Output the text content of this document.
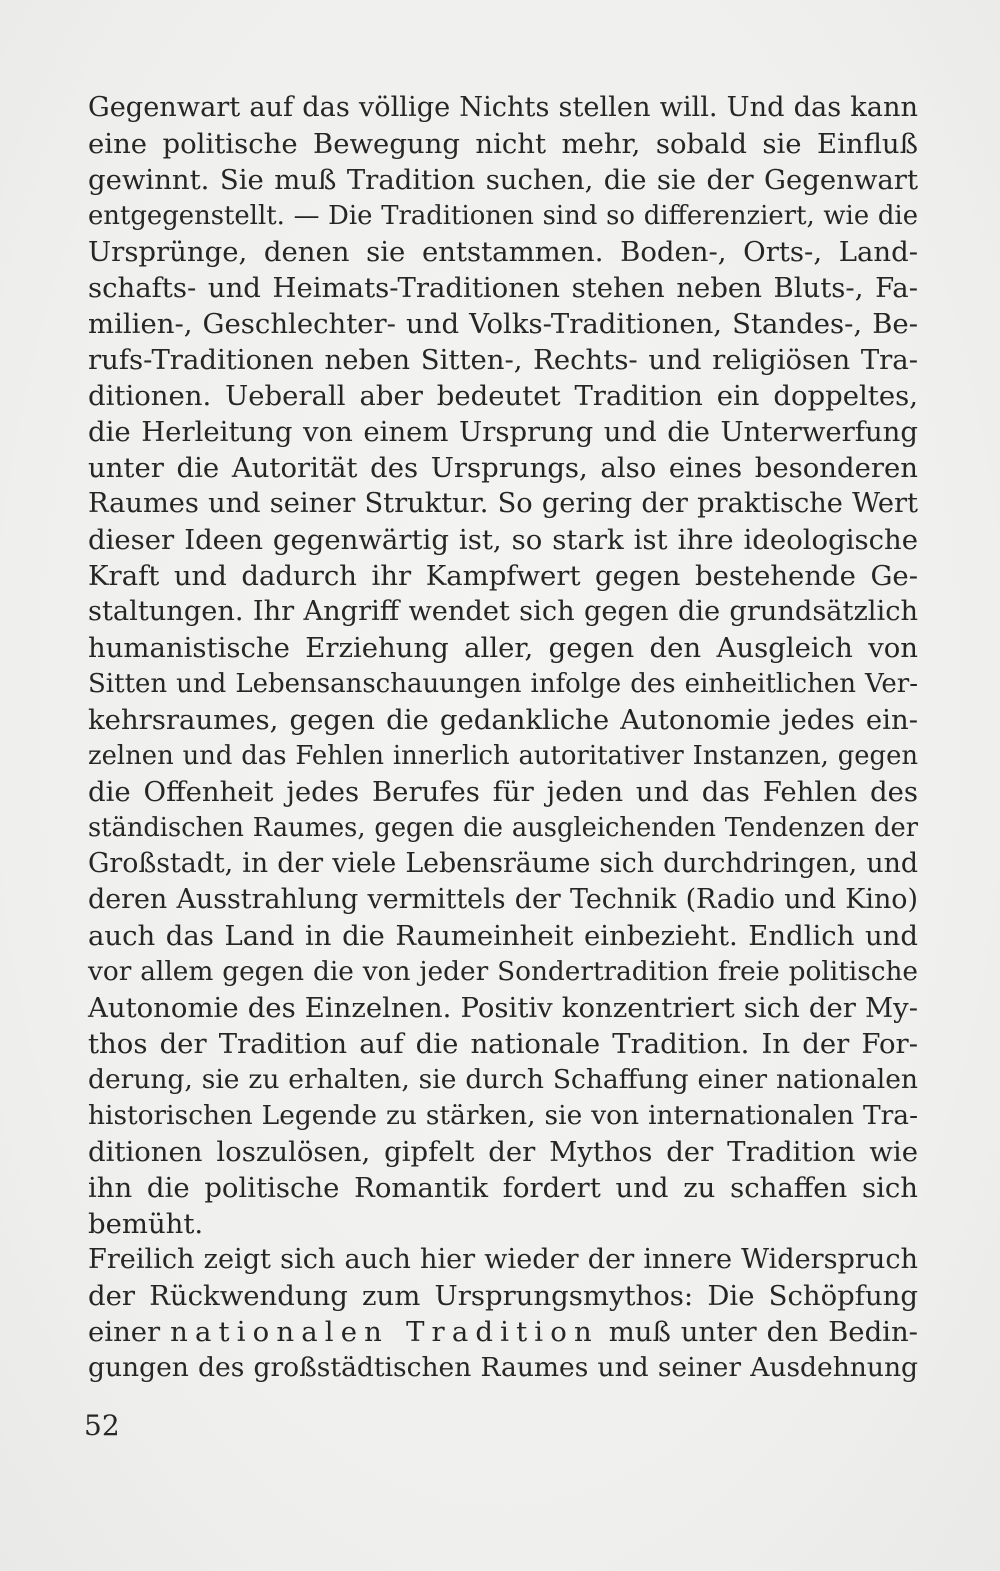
Gegenwart auf das völlige Nichts stellen will. Und das kann
eine politische Bewegung nicht mehr, sobald sie Einfluß
gewinnt. Sie muß Tradition suchen, die sie der Gegenwart
entgegenstellt. — Die Traditionen sind so differenziert, wie die
Ursprünge, denen sie entstammen. Boden-, Orts-, Land-
schafts- und Heimats-Traditionen stehen neben Bluts-, Fa-
milien-, Geschlechter- und Volks-Traditionen, Standes-, Be-
rufs-Traditionen neben Sitten-, Rechts- und religiösen Tra-
ditionen. Ueberall aber bedeutet Tradition ein doppeltes,
die Herleitung von einem Ursprung und die Unterwerfung
unter die Autorität des Ursprungs, also eines besonderen
Raumes und seiner Struktur. So gering der praktische Wert
dieser Ideen gegenwärtig ist, so stark ist ihre ideologische
Kraft und dadurch ihr Kampfwert gegen bestehende Ge-
staltungen. Ihr Angriff wendet sich gegen die grundsätzlich
humanistische Erziehung aller, gegen den Ausgleich von
Sitten und Lebensanschauungen infolge des einheitlichen Ver-
kehrsraumes, gegen die gedankliche Autonomie jedes ein-
zelnen und das Fehlen innerlich autoritativer Instanzen, gegen
die Offenheit jedes Berufes für jeden und das Fehlen des
ständischen Raumes, gegen die ausgleichenden Tendenzen der
Großstadt, in der viele Lebensräume sich durchdringen, und
deren Ausstrahlung vermittels der Technik (Radio und Kino)
auch das Land in die Raumeinheit einbezieht. Endlich und
vor allem gegen die von jeder Sondertradition freie politische
Autonomie des Einzelnen. Positiv konzentriert sich der My-
thos der Tradition auf die nationale Tradition. In der For-
derung, sie zu erhalten, sie durch Schaffung einer nationalen
historischen Legende zu stärken, sie von internationalen Tra-
ditionen loszulösen, gipfelt der Mythos der Tradition wie
ihn die politische Romantik fordert und zu schaffen sich
bemüht.
Freilich zeigt sich auch hier wieder der innere Widerspruch
der Rückwendung zum Ursprungsmythos: Die Schöpfung
einer nationalen Tradition muß unter den Bedin-
gungen des großstädtischen Raumes und seiner Ausdehnung
52
